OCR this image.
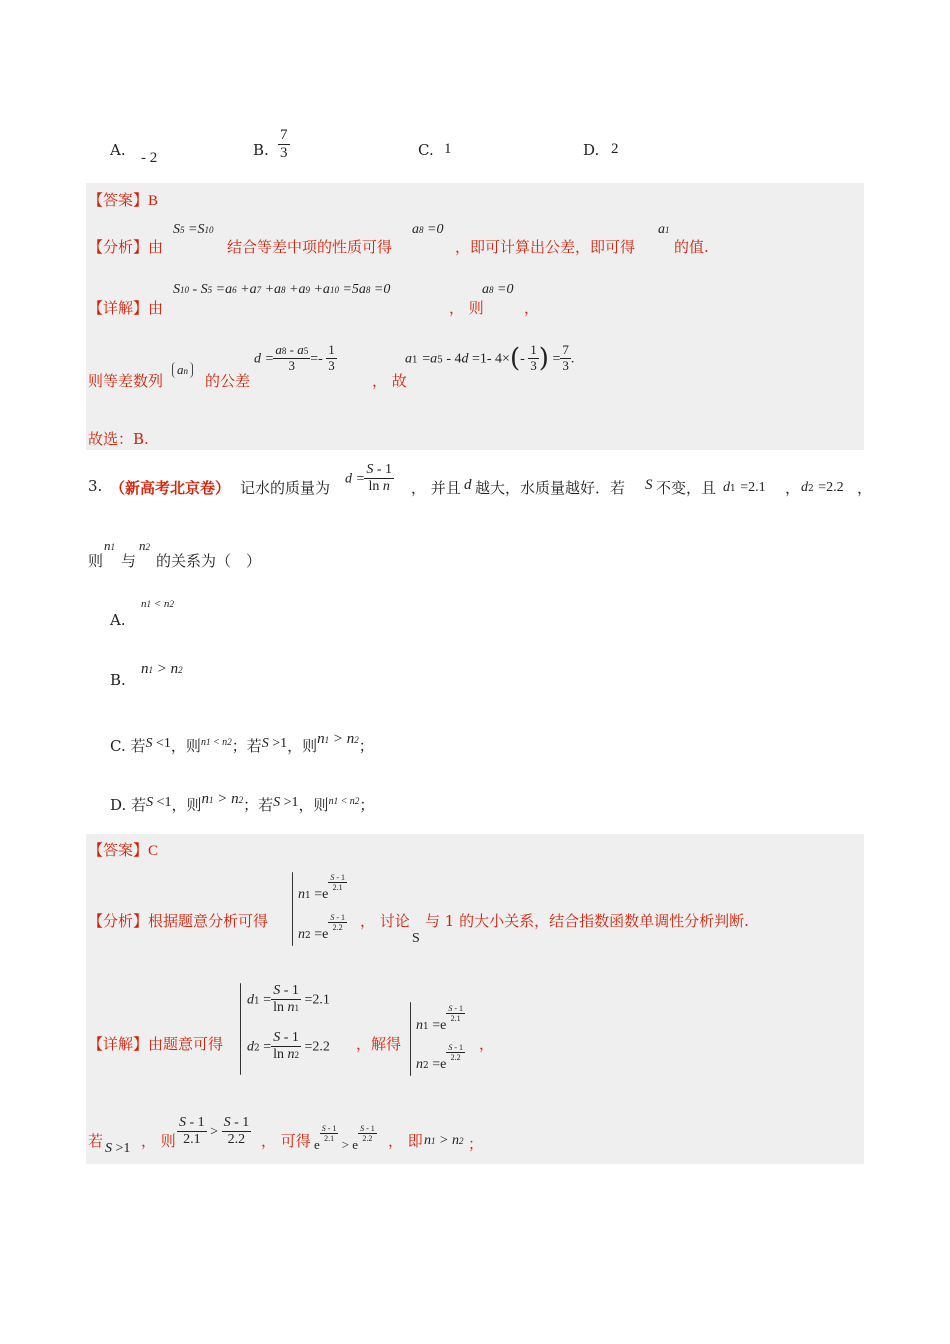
A. - 2	B. $\frac{7}{3}$	C. 1	D. 2
【答案】B
【分析】由
S5 =S10
结合等差中项的性质可得
a8 =0
，即可计算出公差，即可得
a1
的值.
【详解】由
S10 - S5 =a6 +a7 +a8 +a9 +a10 =5a8 =0
， 则
a8 =0
，
则等差数列
an
的公差
$d = \frac{a8 - a5}{3} =- \frac{1}{3}$
， 故
a1 =a5 - 4d =1- $4\times(- \frac{1}{3}$ ) = $\frac{7}{3}$ .
故选：B.
3. （新高考北京卷） 记水的质量为 $d = \frac{S - 1}{\text{ln n}}$ ， 并且 d 越大，水质量越好．若 S 不变，且 d1 =2.1 ， d2 =2.2 ，
则
n1
与
n2
的关系为（　）
A.
n1 < n2
B.
n1 > n2
C. 若S <1，则$^{n1 < n2}$；若S >1，则n1 > n2；
D. 若S <1，则n1 > n2；若S >1，则$^{n1 < n2}$；
【答案】C
【分析】根据题意分析可得
n1 =e
$\frac{S - 1}{2.1}$
n2 =e
$\frac{S - 1}{2.2}$ ， 讨论
S
与 1 的大小关系，结合指数函数单调性分析判断.
【详解】由题意可得
$d1 = \frac{S - 1}{\text{ln n1}} =2.1$
$d2 = \frac{S - 1}{\text{ln n2}} =2.2$ ，解得
n1 =e
$\frac{S - 1}{2.1}$
n2 =e
$\frac{S - 1}{2.2}$ ，
若 S >1 ， 则 $\frac{S - 1}{2.1} > \frac{S - 1}{2.2}$ ， 可得 e
$\frac{S - 1}{2.1}$
> e
$\frac{S - 1}{2.2}$ ， 即 n1 > n2 ；
